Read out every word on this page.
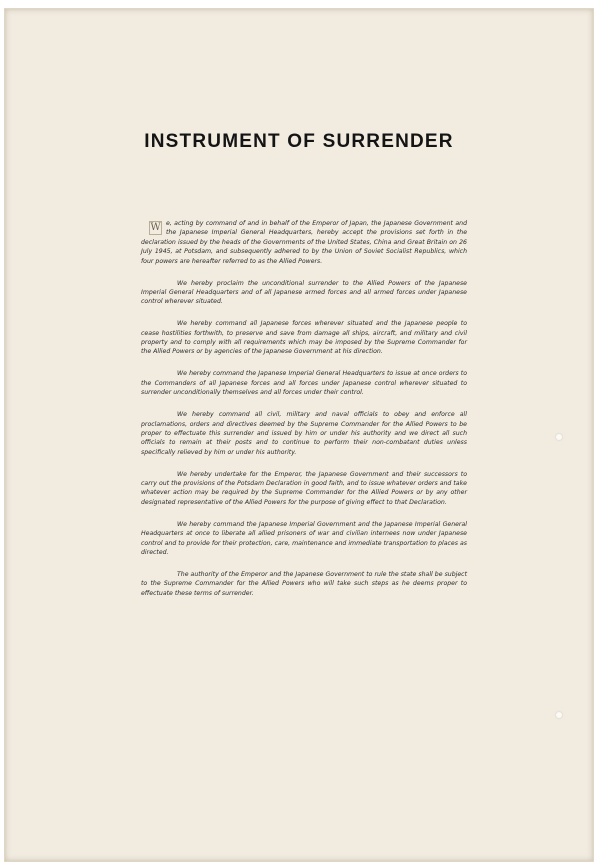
INSTRUMENT OF SURRENDER

W e, acting by command of and in behalf of the Emperor of Japan, the Japanese Government and the Japanese Imperial General Headquarters, hereby accept the provisions set forth in the declaration issued by the heads of the Governments of the United States, China and Great Britain on 26 July 1945, at Potsdam, and subsequently adhered to by the Union of Soviet Socialist Republics, which four powers are hereafter referred to as the Allied Powers.

We hereby proclaim the unconditional surrender to the Allied Powers of the Japanese Imperial General Headquarters and of all Japanese armed forces and all armed forces under Japanese control wherever situated.

We hereby command all Japanese forces wherever situated and the Japanese people to cease hostilities forthwith, to preserve and save from damage all ships, aircraft, and military and civil property and to comply with all requirements which may be imposed by the Supreme Commander for the Allied Powers or by agencies of the Japanese Government at his direction.

We hereby command the Japanese Imperial General Headquarters to issue at once orders to the Commanders of all Japanese forces and all forces under Japanese control wherever situated to surrender unconditionally themselves and all forces under their control.

We hereby command all civil, military and naval officials to obey and enforce all proclamations, orders and directives deemed by the Supreme Commander for the Allied Powers to be proper to effectuate this surrender and issued by him or under his authority and we direct all such officials to remain at their posts and to continue to perform their non-combatant duties unless specifically relieved by him or under his authority.

We hereby undertake for the Emperor, the Japanese Government and their successors to carry out the provisions of the Potsdam Declaration in good faith, and to issue whatever orders and take whatever action may be required by the Supreme Commander for the Allied Powers or by any other designated representative of the Allied Powers for the purpose of giving effect to that Declaration.

We hereby command the Japanese Imperial Government and the Japanese Imperial General Headquarters at once to liberate all allied prisoners of war and civilian internees now under Japanese control and to provide for their protection, care, maintenance and immediate transportation to places as directed.

The authority of the Emperor and the Japanese Government to rule the state shall be subject to the Supreme Commander for the Allied Powers who will take such steps as he deems proper to effectuate these terms of surrender.
